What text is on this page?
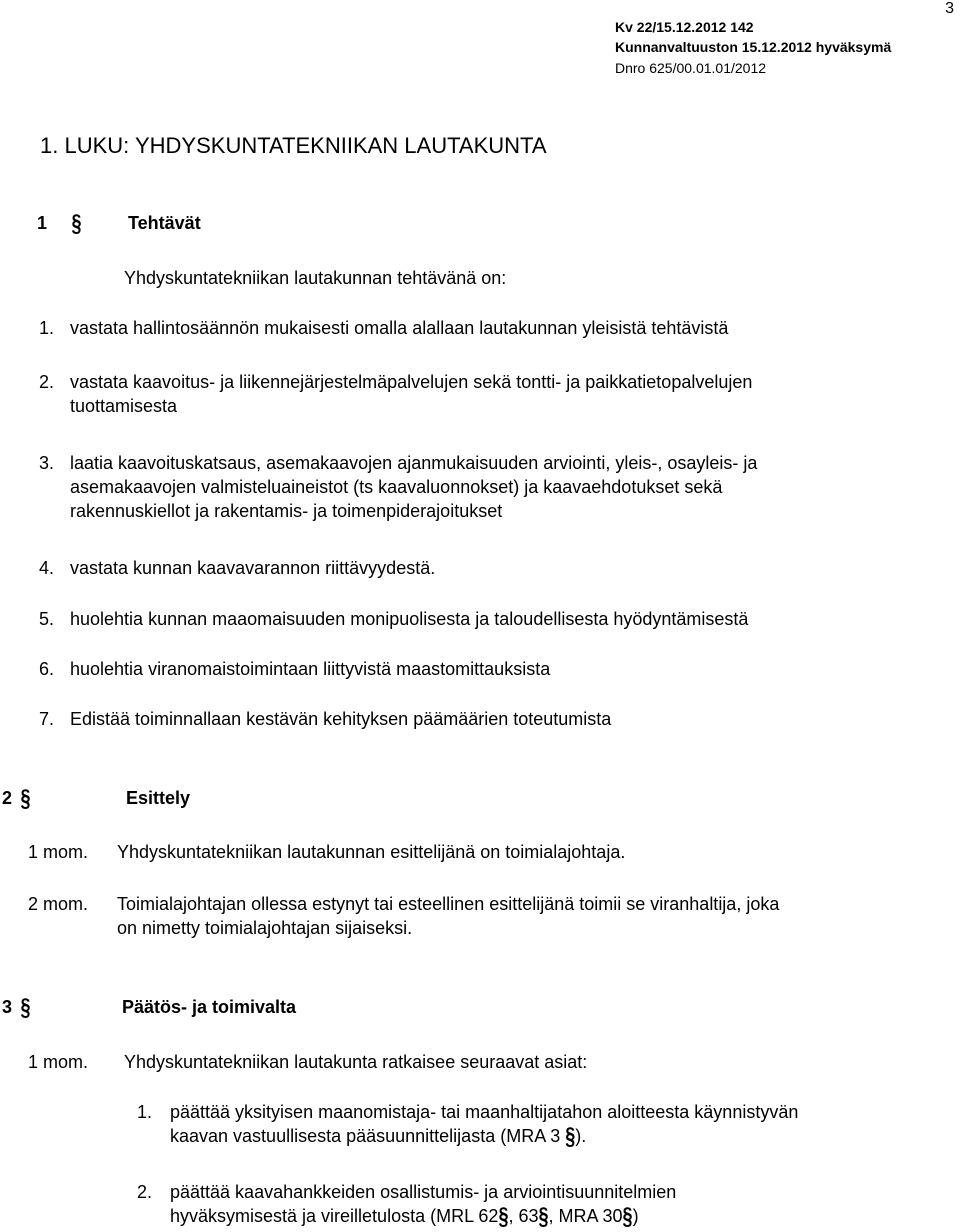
3
Kv 22/15.12.2012 142
Kunnanvaltuuston 15.12.2012 hyväksymä
Dnro 625/00.01.01/2012
1. LUKU: YHDYSKUNTATEKNIIKAN LAUTAKUNTA
1 §	Tehtävät
Yhdyskuntatekniikan lautakunnan tehtävänä on:
1. vastata hallintosäännön mukaisesti omalla alallaan lautakunnan yleisistä tehtävistä
2. vastata kaavoitus- ja liikennejärjestelmäpalvelujen sekä tontti- ja paikkatietopalvelujen
tuottamisesta
3. laatia kaavoituskatsaus, asemakaavojen ajanmukaisuuden arviointi, yleis-, osayleis- ja
asemakaavojen valmisteluaineistot (ts kaavaluonnokset) ja kaavaehdotukset sekä
rakennuskiellot ja rakentamis- ja toimenpiderajoitukset
4. vastata kunnan kaavavarannon riittävyydestä.
5. huolehtia kunnan maaomaisuuden monipuolisesta ja taloudellisesta hyödyntämisestä
6. huolehtia viranomaistoimintaan liittyvistä maastomittauksista
7. Edistää toiminnallaan kestävän kehityksen päämäärien toteutumista
2 §	Esittely
1 mom. Yhdyskuntatekniikan lautakunnan esittelijänä on toimialajohtaja.
2 mom. Toimialajohtajan ollessa estynyt tai esteellinen esittelijänä toimii se viranhaltija, joka
on nimetty toimialajohtajan sijaiseksi.
3 §	Päätös- ja toimivalta
1 mom. Yhdyskuntatekniikan lautakunta ratkaisee seuraavat asiat:
1. päättää yksityisen maanomistaja- tai maanhaltijatahon aloitteesta käynnistyvän
kaavan vastuullisesta pääsuunnittelijasta (MRA 3 §).
2. päättää kaavahankkeiden osallistumis- ja arviointisuunnitelmien
hyväksymisestä ja vireilletulosta (MRL 62§, 63§, MRA 30§)
